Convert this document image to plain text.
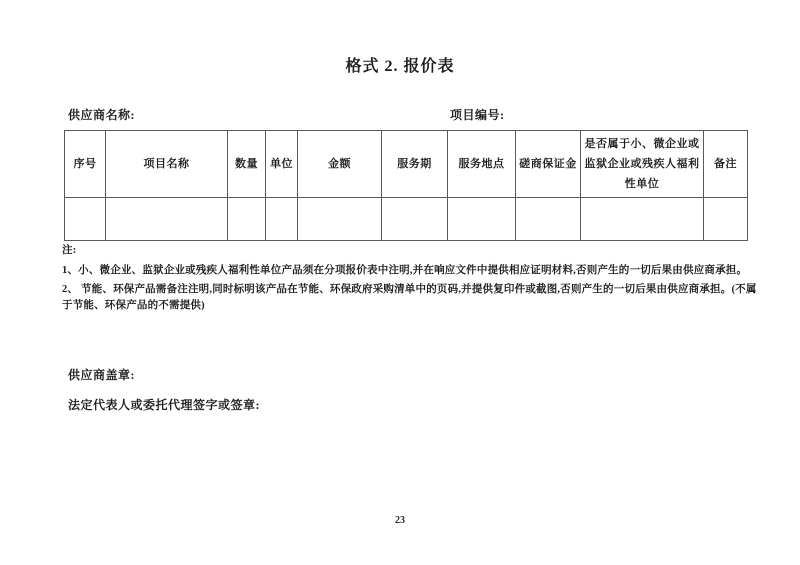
格式 2. 报价表
供应商名称:	项目编号:
序号	项目名称	数量	单位	金额	服务期	服务地点	磋商保证金	是否属于小、微企业或监狱企业或残疾人福利性单位	备注

注:

1、小、微企业、监狱企业或残疾人福利性单位产品须在分项报价表中注明,并在响应文件中提供相应证明材料,否则产生的一切后果由供应商承担。

2、 节能、环保产品需备注注明,同时标明该产品在节能、环保政府采购清单中的页码,并提供复印件或截图,否则产生的一切后果由供应商承担。(不属于节能、环保产品的不需提供)

供应商盖章:
法定代表人或委托代理签字或签章:
23
